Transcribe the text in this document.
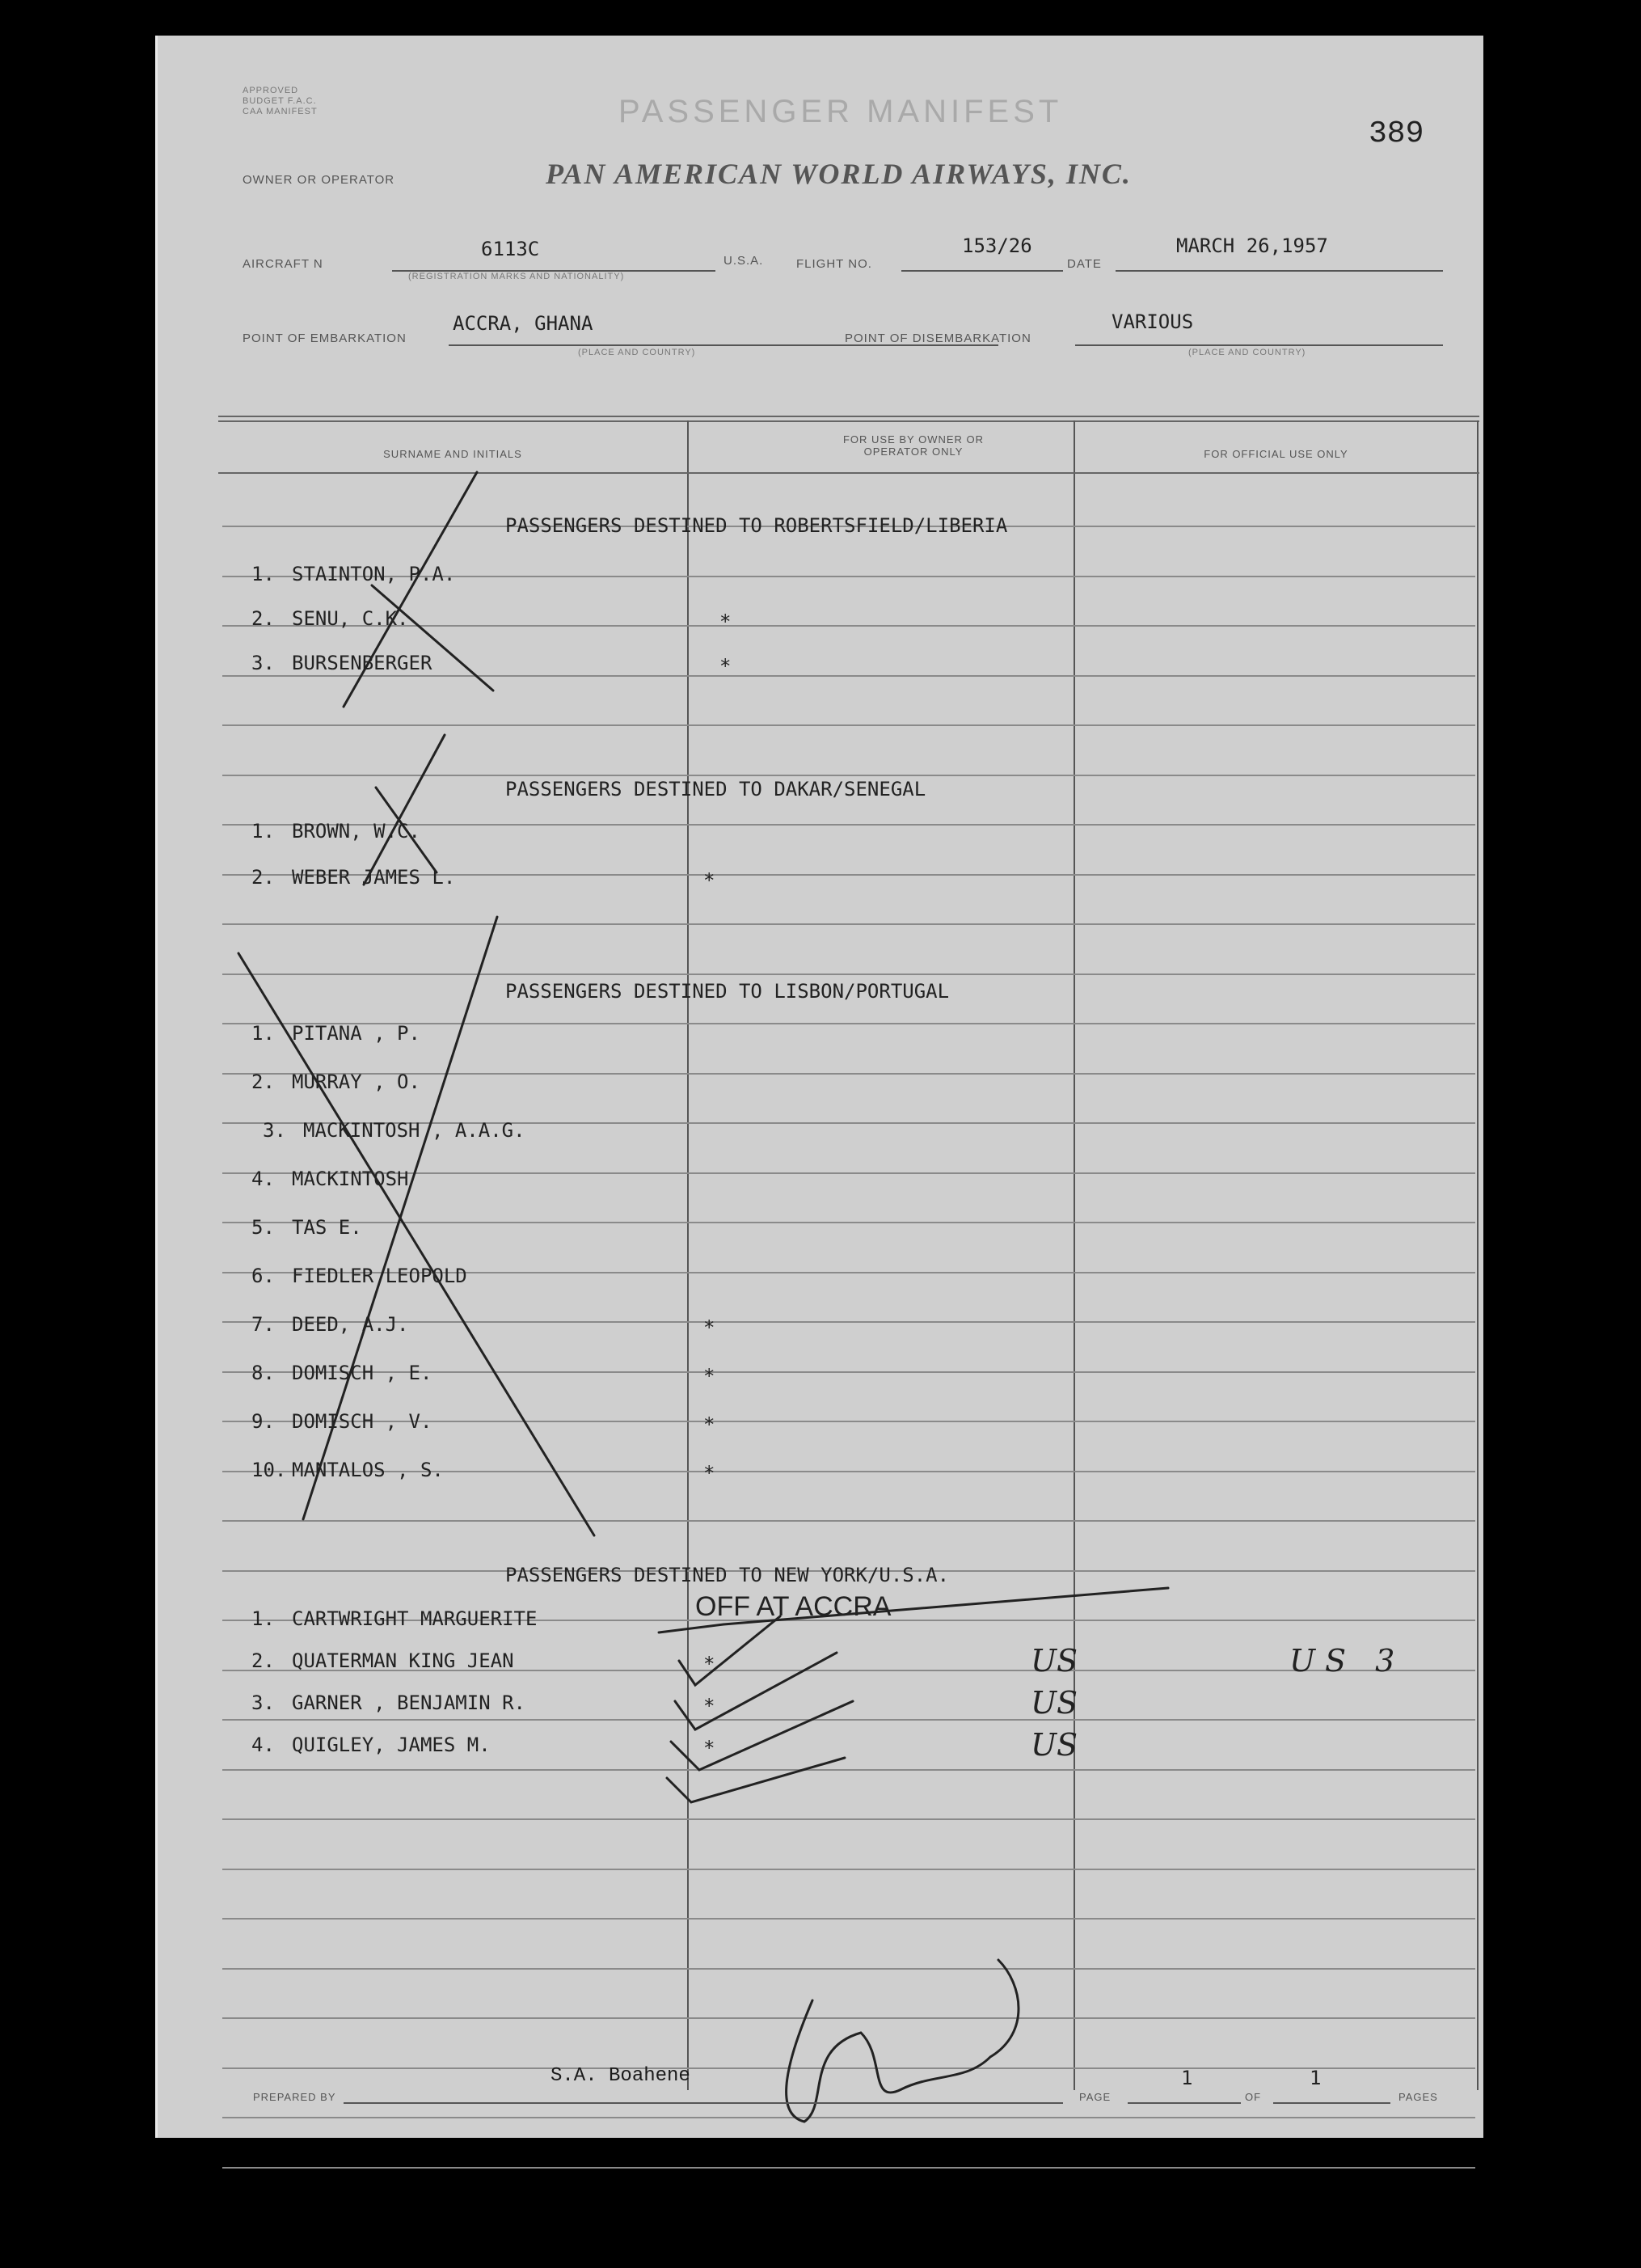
APPROVED
BUDGET F.A.C.
CAA MANIFEST	PASSENGER MANIFEST
389
OWNER OR OPERATOR	PAN AMERICAN WORLD AIRWAYS, INC.
AIRCRAFT N
6113C
(REGISTRATION MARKS AND NATIONALITY)
U.S.A.	FLIGHT NO.
153/26
DATE
MARCH 26,1957
POINT OF EMBARKATION
ACCRA, GHANA
(PLACE AND COUNTRY)
POINT OF DISEMBARKATION
VARIOUS
(PLACE AND COUNTRY)
SURNAME AND INITIALS
FOR USE BY OWNER OR OPERATOR ONLY	FOR OFFICIAL USE ONLY
PASSENGERS DESTINED TO ROBERTSFIELD/LIBERIA
1. STAINTON, P.A.
2. SENU, C.K.	*
3. BURSENBERGER	*
PASSENGERS DESTINED TO DAKAR/SENEGAL
1. BROWN, W.C.
2. WEBER JAMES L.	*
PASSENGERS DESTINED TO LISBON/PORTUGAL
1. PITANA , P.
2. MURRAY , O.
3. MACKINTOSH , A.A.G.
4. MACKINTOSH
5. TAS E.
6. FIEDLER LEOPOLD
7. DEED, A.J.	*
8. DOMISCH , E.	*
9. DOMISCH , V.	*
10. MANTALOS , S.	*
PASSENGERS DESTINED TO NEW YORK/U.S.A.
1. CARTWRIGHT MARGUERITE	OFF AT ACCRA
2. QUATERMAN KING JEAN	*	US	US 3
3. GARNER , BENJAMIN R.	*	US
4. QUIGLEY, JAMES M.	*	US
PREPARED BY
S.A. Boahene
PAGE
1
OF
1
PAGES
